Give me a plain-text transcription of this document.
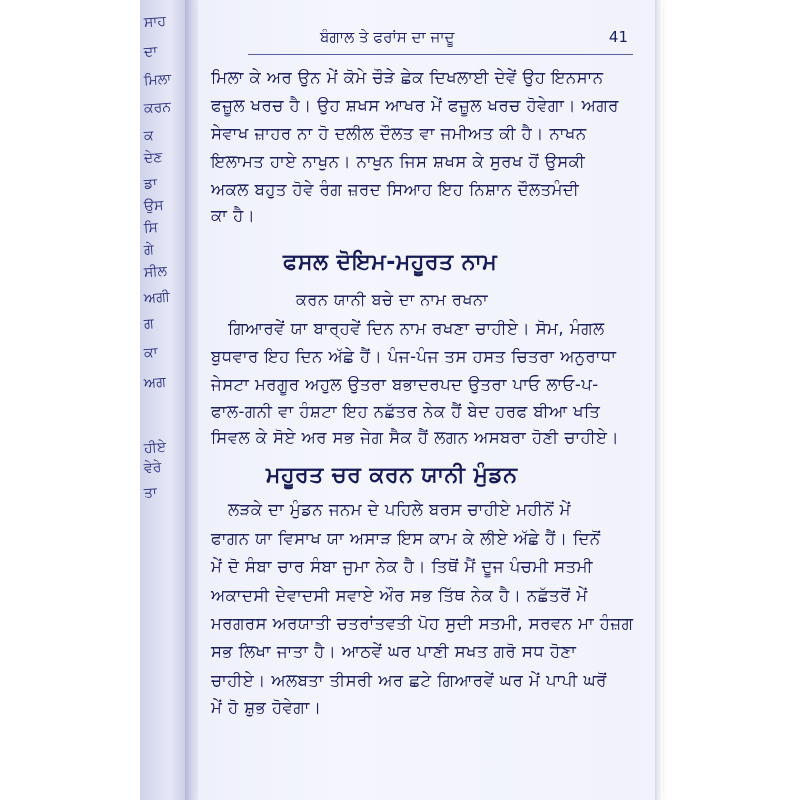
ਸਾਹ
ਦਾ
ਮਿਲਾ
ਕਰਨ
ਕ
ਦੇਣ
ਡਾ
ਉਸ
ਸਿ
ਗੇ
ਸੀਲ
ਅਗੀ
ਗ
ਕਾ
ਅਗ
ਹੀਏ
ਵੇਰੇ
ਤਾ
ਬੰਗਾਲ ਤੇ ਫਰਾਂਸ ਦਾ ਜਾਦੂ	41
ਮਿਲਾ ਕੇ ਅਰ ਉਨ ਮੇਂ ਕੋਮੇ ਚੌੜੇ ਛੇਕ ਦਿਖਲਾਈ ਦੇਵੇਂ ਉਹ ਇਨਸਾਨ
ਫਜ਼ੂਲ ਖਰਚ ਹੈ। ਉਹ ਸ਼ਖਸ ਆਖਰ ਮੇਂ ਫਜ਼ੂਲ ਖਰਚ ਹੋਵੇਗਾ। ਅਗਰ
ਸੇਵਾਖ ਜ਼ਾਹਰ ਨਾ ਹੋ ਦਲੀਲ ਦੌਲਤ ਵਾ ਜਮੀਅਤ ਕੀ ਹੈ। ਨਾਖਨ
ਇਲਾਮਤ ਹਾਏ ਨਾਖੁਨ। ਨਾਖੁਨ ਜਿਸ ਸ਼ਖਸ ਕੇ ਸੁਰਖ ਹੋਂ ਉਸਕੀ
ਅਕਲ ਬਹੁਤ ਹੋਵੇ ਰੰਗ ਜ਼ਰਦ ਸਿਆਹ ਇਹ ਨਿਸ਼ਾਨ ਦੌਲਤਮੰਦੀ
ਕਾ ਹੈ।
ਫਸਲ ਦੋਇਮ-ਮਹੂਰਤ ਨਾਮ
ਕਰਨ ਯਾਨੀ ਬਚੇ ਦਾ ਨਾਮ ਰਖਨਾ
ਗਿਆਰਵੇਂ ਯਾ ਬਾਰ੍ਹਵੇਂ ਦਿਨ ਨਾਮ ਰਖਣਾ ਚਾਹੀਏ। ਸੋਮ, ਮੰਗਲ
ਬੁਧਵਾਰ ਇਹ ਦਿਨ ਅੱਛੇ ਹੈਂ। ਪੰਜ-ਪੰਜ ਤਸ ਹਸਤ ਚਿਤਰਾ ਅਨੁਰਾਧਾ
ਜੇਸਟਾ ਮਰਗੂਰ ਅਹੁਲ ਉਤਰਾ ਬਭਾਦਰਪਦ ਉਤਰਾ ਪਾਓ ਲਾਓ-ਪ-
ਫਾਲ-ਗਨੀ ਵਾ ਹੰਸ਼ਟਾ ਇਹ ਨਛੱਤਰ ਨੇਕ ਹੈਂ ਬੇਦ ਹਰਫ ਬੀਆ ਖਤਿ
ਸਿਵਲ ਕੇ ਸੋਏ ਅਰ ਸਭ ਜੇਗ ਸੈਕ ਹੈਂ ਲਗਨ ਅਸਬਰਾ ਹੋਣੀ ਚਾਹੀਏ।
ਮਹੂਰਤ ਚਰ ਕਰਨ ਯਾਨੀ ਮੁੰਡਨ
ਲੜਕੇ ਦਾ ਮੁੰਡਨ ਜਨਮ ਦੇ ਪਹਿਲੇ ਬਰਸ ਚਾਹੀਏ ਮਹੀਨੋਂ ਮੇਂ
ਫਾਗਨ ਯਾ ਵਿਸਾਖ ਯਾ ਅਸਾੜ ਇਸ ਕਾਮ ਕੇ ਲੀਏ ਅੱਛੇ ਹੈਂ। ਦਿਨੋਂ
ਮੇਂ ਦੋ ਸੰਬਾ ਚਾਰ ਸੰਬਾ ਜੁਮਾ ਨੇਕ ਹੈ। ਤਿਥੋਂ ਮੈਂ ਦੂਜ ਪੰਚਮੀ ਸਤਮੀ
ਅਕਾਦਸੀ ਦੇਵਾਦਸੀ ਸਵਾਏ ਔਰ ਸਭ ਤਿੱਥ ਨੇਕ ਹੈ। ਨਛੱਤਰੋਂ ਮੇਂ
ਮਰਗਰਸ ਅਰਯਾਤੀ ਚਤਰਾਂਤਵਤੀ ਪੋਹ ਸੁਦੀ ਸਤਮੀ, ਸਰਵਨ ਮਾ ਹੰਜ਼ਗ
ਸਭ ਲਿਖਾ ਜਾਤਾ ਹੈ। ਆਠਵੇਂ ਘਰ ਪਾਣੀ ਸਖਤ ਗਰੋ ਸਧ ਹੋਣਾ
ਚਾਹੀਏ। ਅਲਬਤਾ ਤੀਸਰੀ ਅਰ ਛਟੇ ਗਿਆਰਵੇਂ ਘਰ ਮੇਂ ਪਾਪੀ ਘਰੋਂ
ਮੇਂ ਹੋ ਸ਼ੁਭ ਹੋਵੇਗਾ।
